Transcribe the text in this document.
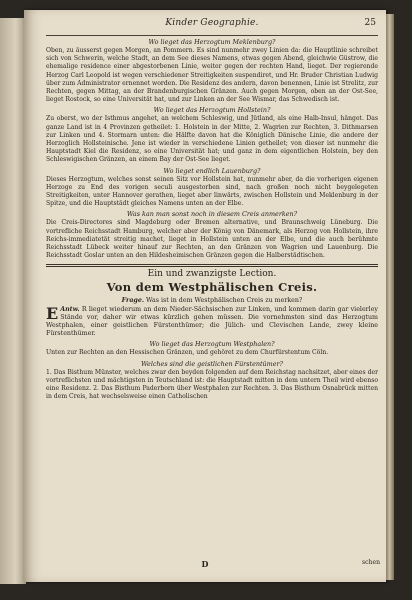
Kinder Geographie.	25
Wo lieget das Herzogtum Meklenburg?

Oben, zu äusserst gegen Morgen, an Pommern. Es sind nunmehr zwey Linien da: die Hauptlinie schreibet sich von Schwerin, welche Stadt, an dem See dieses Namens, etwas gegen Abend, gleichwie Güstrow, die ehemalige residence einer abgestorbenen Linie, weiter gegen der rechten Hand, lieget. Der regierende Herzog Carl Leopold ist wegen verschiedener Streitigkeiten suspendiret, und Hr. Bruder Christian Ludwig über zum Administrator ernennet worden. Die Residenz des andern, davon benennen, Linie ist Strelitz, zur Rechten, gegen Mittag, an der Brandenburgischen Gränzen. Auch gegen Morgen, oben an der Ost-See, lieget Rostock, so eine Universität hat, und zur Linken an der See Wismar, das Schwedisch ist.

Wo lieget das Herzogtum Hollstein?

Zu oberst, wo der Isthmus angehet, an welchem Schleswig, und Jütland, als eine Halb-Insul, hänget. Das ganze Land ist in 4 Provinzen getheilet: 1. Holstein in der Mitte, 2. Wagrien zur Rechten, 3. Dithmarsen zur Linken und 4. Stormarn unten: die Hälfte davon hat die Königlich Dänische Linie, die andere der Herzoglich Hollsteinische. Jene ist wieder in verschiedene Linien getheilet; von dieser ist nunmehr die Hauptstadt Kiel die Residenz, so eine Universität hat; und ganz in dem eigentlichen Holstein, bey den Schleswigischen Gränzen, an einem Bay der Ost-See lieget.

Wo lieget endlich Lauenburg?

Dieses Herzogtum, welches sonst seinen Sitz vor Hollstein hat, nunmehr aber, da die vorherigen eigenen Herzoge zu End des vorigen seculi ausgestorben sind, nach großen noch nicht beygelegeten Streitigkeiten, unter Hannover gerathen, lieget aber linwärts, zwischen Hollstein und Meklenburg in der Spitze, und die Hauptstädt gleiches Namens unten an der Elbe.

Was kan man sonst noch in diesem Creis anmerken?

Die Creis-Directores sind Magdeburg oder Bremen alternative, und Braunschweig Lüneburg. Die vortrefliche Reichsstadt Hamburg, welcher aber der König von Dänemark, als Herzog von Hollstein, ihre Reichs-immediatetät streitig machet, lieget in Hollstein unten an der Elbe, und die auch berühmte Reichsstadt Lübeck weiter hinauf zur Rechten, an den Gränzen von Wagrien und Lauenburg. Die Reichsstadt Goslar unten an den Hildesheimischen Gränzen gegen die Halberstädtischen.

Ein und zwanzigste Lection.
Von dem Westphälischen Creis.
Frage. Was ist in dem Westphälischen Creis zu merken?
Antw.
E	R lieget wiederum an dem Nieder-Sächsischen zur Linken, und kommen darin gar vielerley Stände vor, daher wir etwas kürzlich gehen müssen. Die vornehmsten sind das Herzogtum Westphalen, einer geistlichen Fürstenthümer; die Jülich- und Clevischen Lande, zwey kleine Fürstenthümer.
Wo lieget das Herzogtum Westphalen?

Unten zur Rechten an den Hessischen Gränzen, und gehöret zu dem Churfürstentum Cöln.

Welches sind die geistlichen Fürstentümer?

1. Das Bisthum Münster, welches zwar den beyden folgenden auf dem Reichstag nachsitzet, aber eines der vortreflichsten und mächtigsten in Teutschland ist: die Hauptstadt mitten in dem untern Theil wird ebenso eine Residenz. 2. Das Bisthum Paderborn über Westphalen zur Rechten. 3. Das Bisthum Osnabrück mitten in dem Creis, hat wechselsweise einen Catholischen

D	schen
